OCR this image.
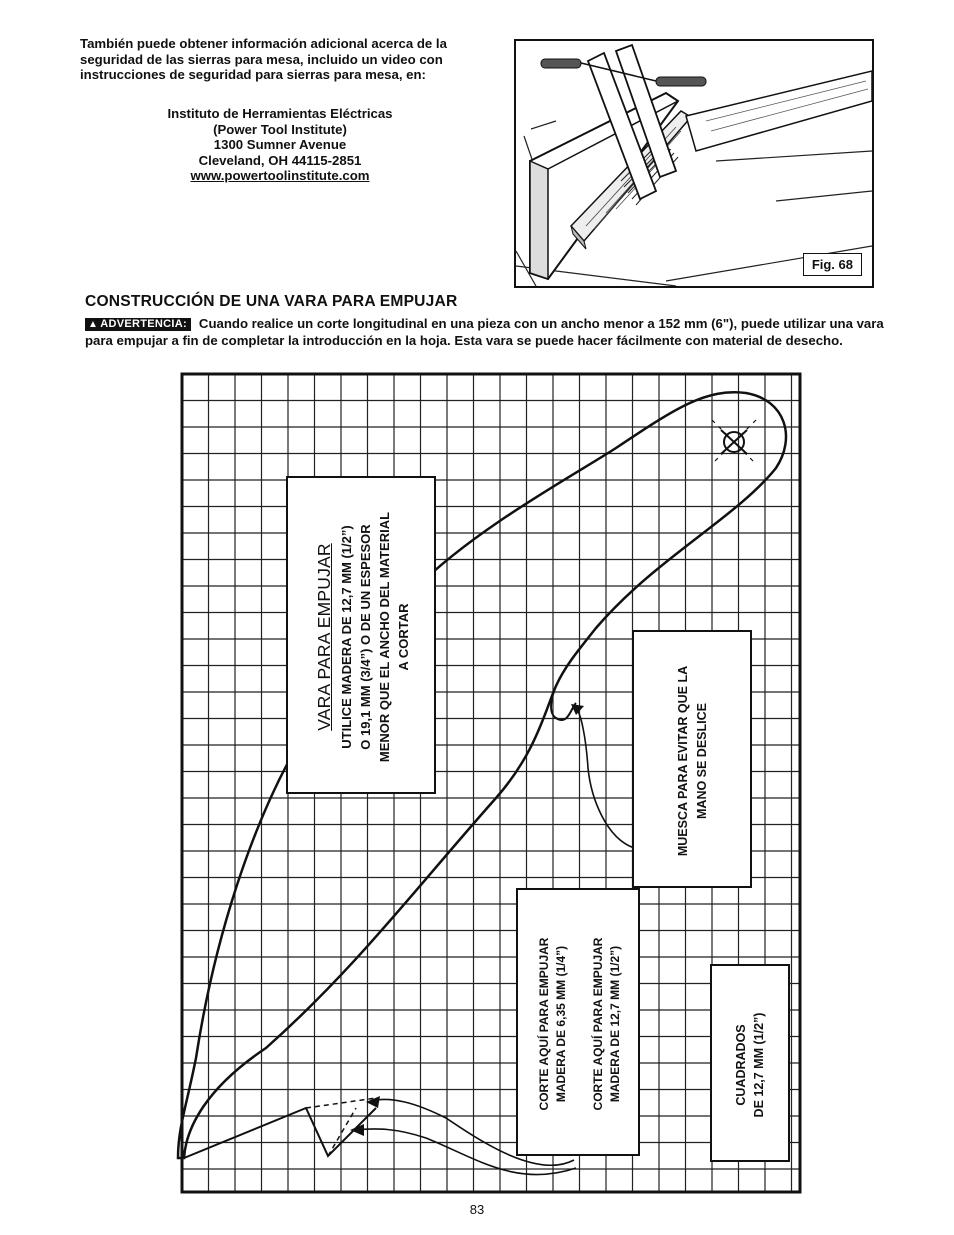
También puede obtener información adicional acerca de la
seguridad de las sierras para mesa, incluido un video con
instrucciones de seguridad para sierras para mesa, en:
Instituto de Herramientas Eléctricas
(Power Tool Institute)
1300 Sumner Avenue
Cleveland, OH 44115-2851
www.powertoolinstitute.com
Fig. 68
CONSTRUCCIÓN DE UNA VARA PARA EMPUJAR
▲ ADVERTENCIA: Cuando realice un corte longitudinal en una pieza con un ancho menor a 152 mm (6"), puede utilizar una vara para empujar a fin de completar la introducción en la hoja. Esta vara se puede hacer fácilmente con material de desecho.
VARA PARA EMPUJAR UTILICE MADERA DE 12,7 MM (1/2”) O 19,1 MM (3/4”) O DE UN ESPESOR MENOR QUE EL ANCHO DEL MATERIAL A CORTAR
MUESCA PARA EVITAR QUE LA MANO SE DESLICE
CORTE AQUÍ PARA EMPUJAR MADERA DE 6,35 MM (1/4”) CORTE AQUÍ PARA EMPUJAR MADERA DE 12,7 MM (1/2”)	CUADRADOS DE 12,7 MM (1/2”)
83
